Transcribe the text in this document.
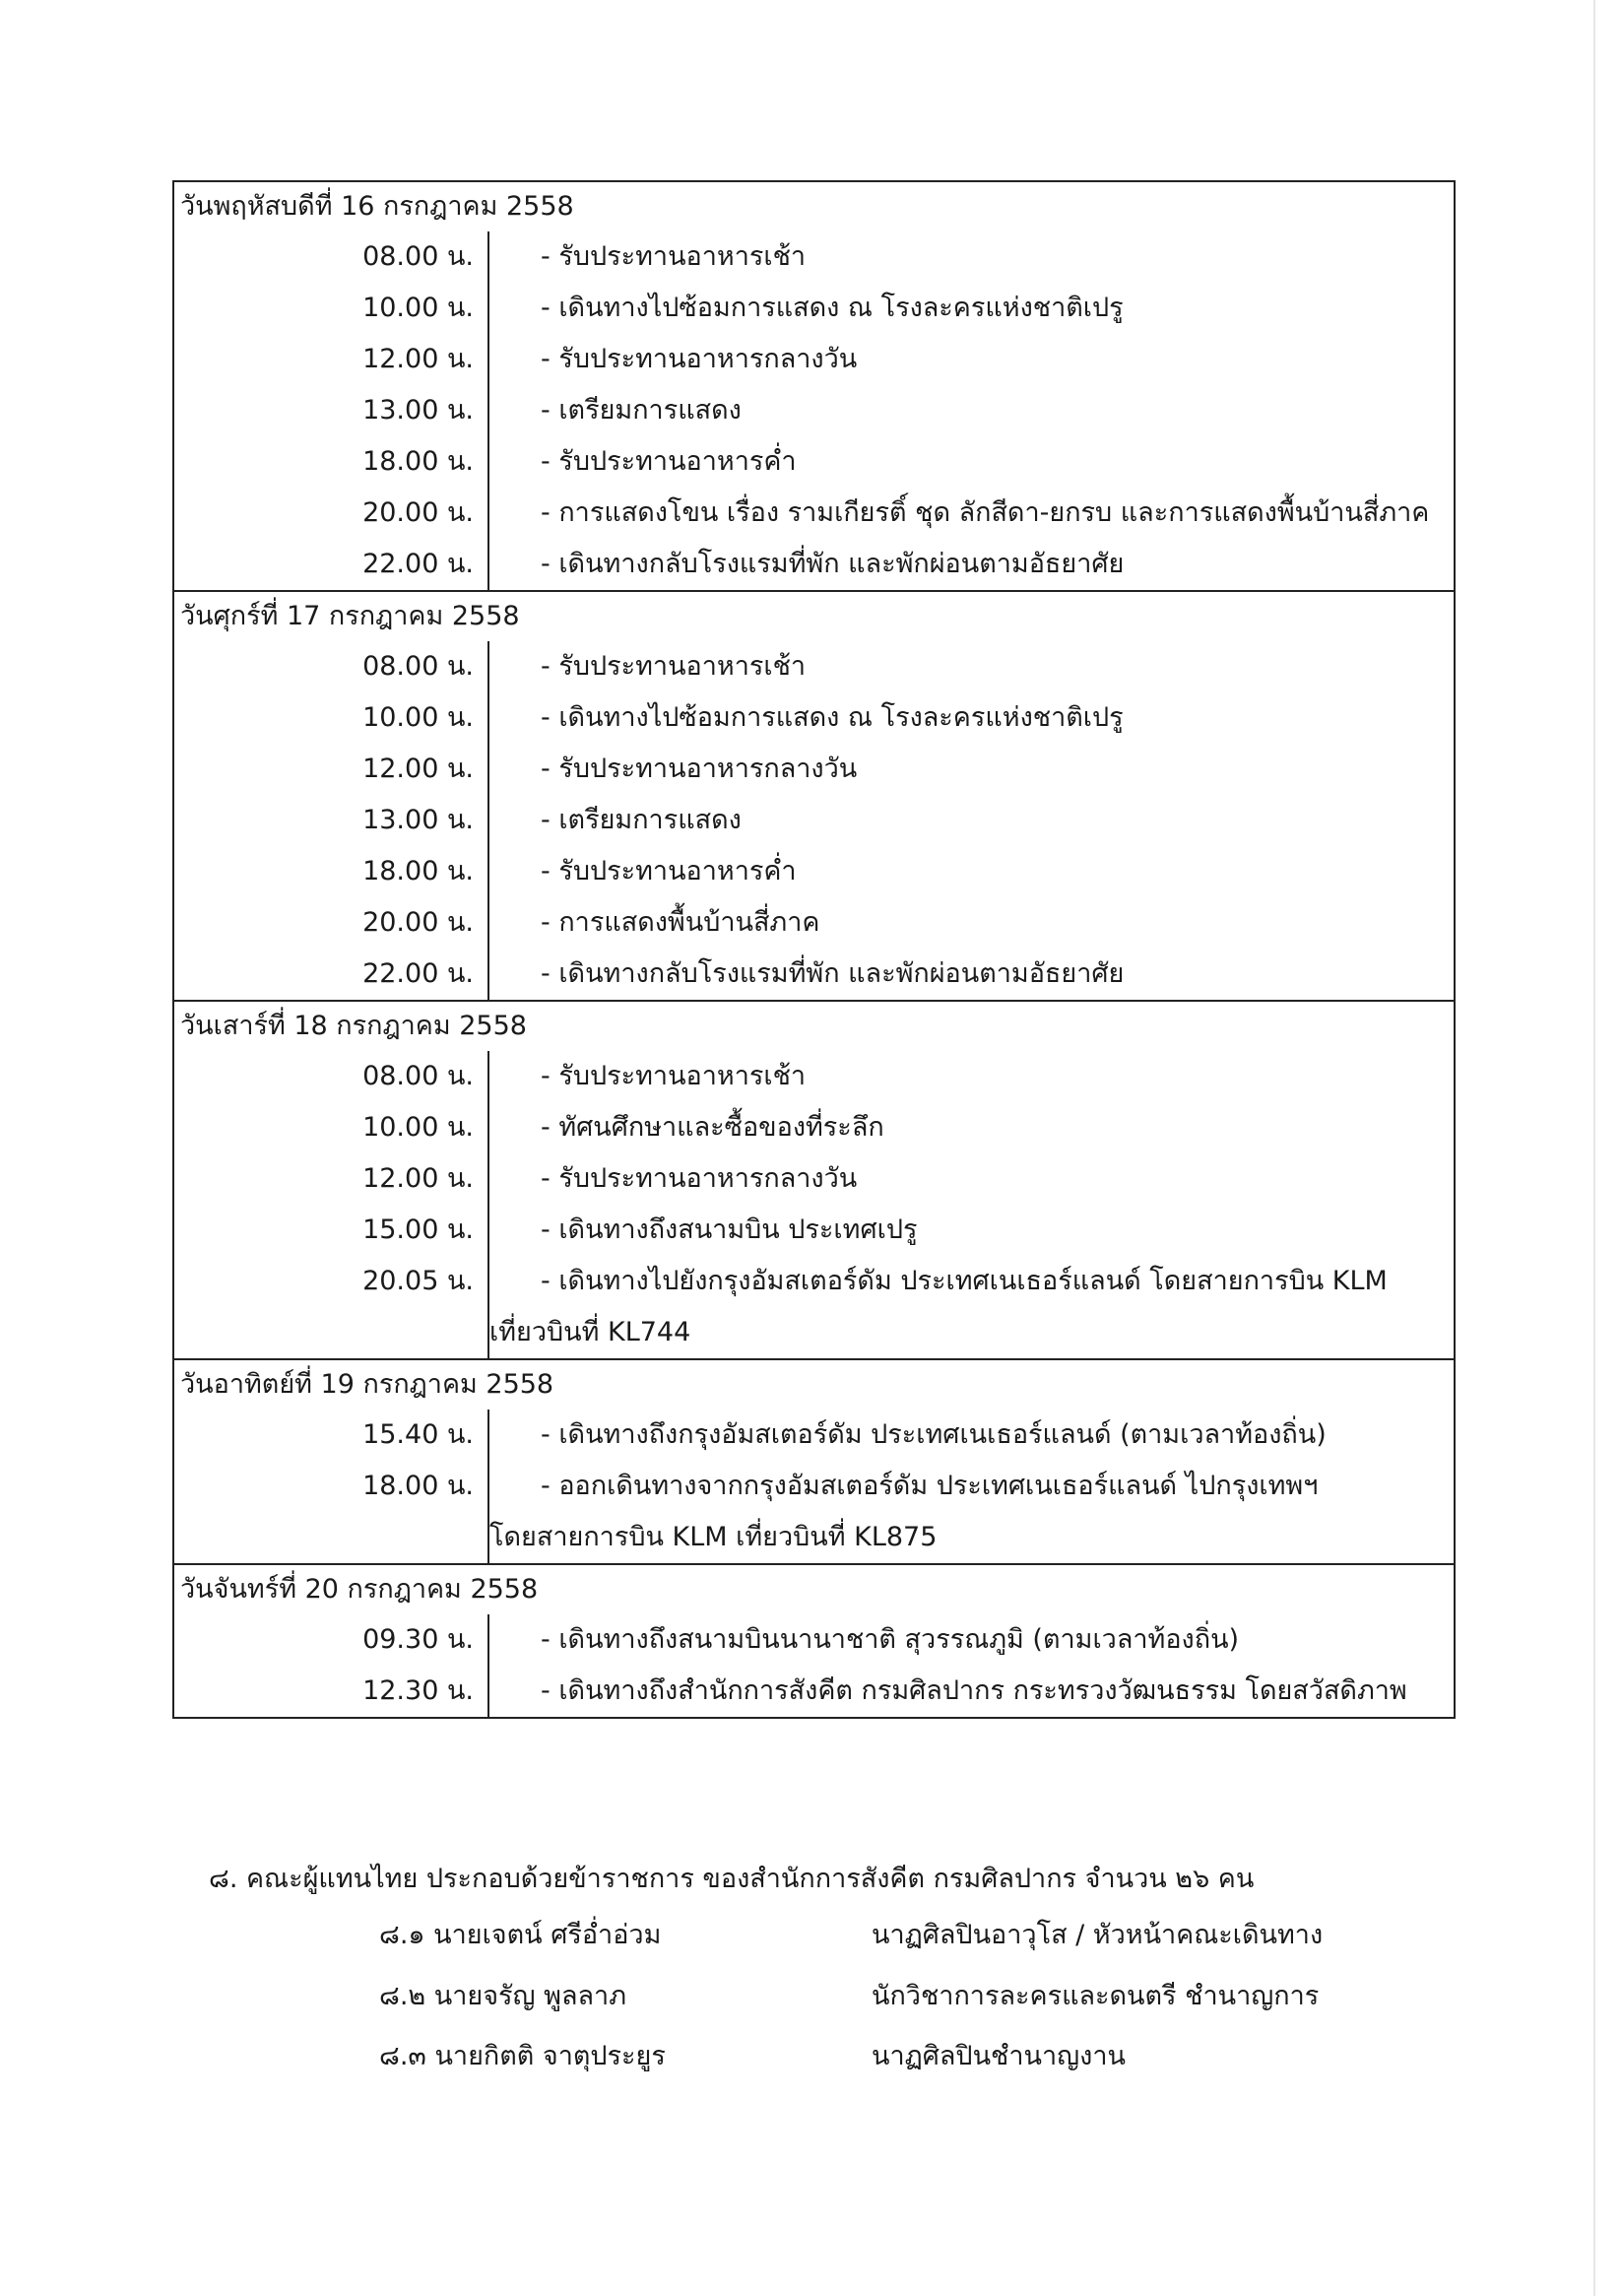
วันพฤหัสบดีที่ 16 กรกฎาคม 2558	
08.00 น.	- รับประทานอาหารเช้า
10.00 น.	- เดินทางไปซ้อมการแสดง ณ โรงละครแห่งชาติเปรู
12.00 น.	- รับประทานอาหารกลางวัน
13.00 น.	- เตรียมการแสดง
18.00 น.	- รับประทานอาหารค่ำ
20.00 น.	- การแสดงโขน เรื่อง รามเกียรติ์ ชุด ลักสีดา-ยกรบ และการแสดงพื้นบ้านสี่ภาค
22.00 น.	- เดินทางกลับโรงแรมที่พัก และพักผ่อนตามอัธยาศัย
วันศุกร์ที่ 17 กรกฎาคม 2558	
08.00 น.	- รับประทานอาหารเช้า
10.00 น.	- เดินทางไปซ้อมการแสดง ณ โรงละครแห่งชาติเปรู
12.00 น.	- รับประทานอาหารกลางวัน
13.00 น.	- เตรียมการแสดง
18.00 น.	- รับประทานอาหารค่ำ
20.00 น.	- การแสดงพื้นบ้านสี่ภาค
22.00 น.	- เดินทางกลับโรงแรมที่พัก และพักผ่อนตามอัธยาศัย
วันเสาร์ที่ 18 กรกฎาคม 2558	
08.00 น.	- รับประทานอาหารเช้า
10.00 น.	- ทัศนศึกษาและซื้อของที่ระลึก
12.00 น.	- รับประทานอาหารกลางวัน
15.00 น.	- เดินทางถึงสนามบิน ประเทศเปรู
20.05 น.	- เดินทางไปยังกรุงอัมสเตอร์ดัม ประเทศเนเธอร์แลนด์ โดยสายการบิน KLM
	เที่ยวบินที่ KL744
วันอาทิตย์ที่ 19 กรกฎาคม 2558	
15.40 น.	- เดินทางถึงกรุงอัมสเตอร์ดัม ประเทศเนเธอร์แลนด์ (ตามเวลาท้องถิ่น)
18.00 น.	- ออกเดินทางจากกรุงอัมสเตอร์ดัม ประเทศเนเธอร์แลนด์ ไปกรุงเทพฯ
	โดยสายการบิน KLM เที่ยวบินที่ KL875
วันจันทร์ที่ 20 กรกฎาคม 2558	
09.30 น.	- เดินทางถึงสนามบินนานาชาติ สุวรรณภูมิ (ตามเวลาท้องถิ่น)
12.30 น.	- เดินทางถึงสำนักการสังคีต กรมศิลปากร กระทรวงวัฒนธรรม โดยสวัสดิภาพ
๘. คณะผู้แทนไทย ประกอบด้วยข้าราชการ ของสำนักการสังคีต กรมศิลปากร จำนวน ๒๖ คน
๘.๑ นายเจตน์ ศรีอ่ำอ่วม	นาฏศิลปินอาวุโส / หัวหน้าคณะเดินทาง
๘.๒ นายจรัญ พูลลาภ	นักวิชาการละครและดนตรี ชำนาญการ
๘.๓ นายกิตติ จาตุประยูร	นาฏศิลปินชำนาญงาน
